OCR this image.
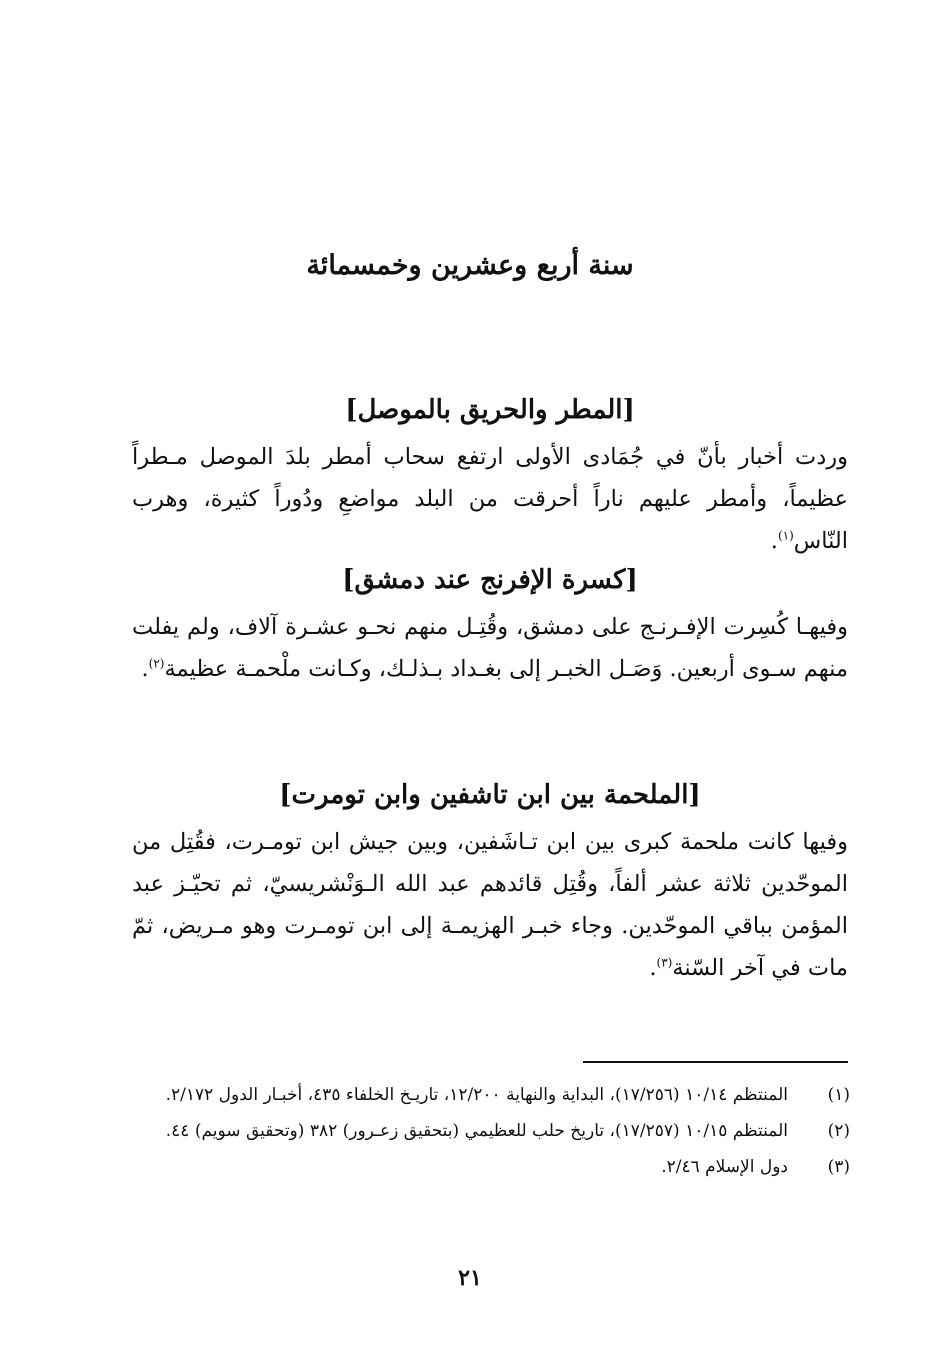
سنة أربع وعشرين وخمسمائة
[المطر والحريق بالموصل]

وردت أخبار بأنّ في جُمَادى الأولى ارتفع سحاب أمطر بلدَ الموصل مـطراً عظيماً، وأمطر عليهم ناراً أحرقت من البلد مواضعِ ودُوراً كثيرة، وهرب النّاس$^{(١)}$.

[كسرة الإفرنج عند دمشق]

وفيهـا كُسِرت الإفـرنـج على دمشق، وقُتِـل منهم نحـو عشـرة آلاف، ولم يفلت منهم سـوى أربعين. وَصَـل الخبـر إلى بغـداد بـذلـك، وكـانت ملْحمـة عظيمة$^{(٢)}$.

[الملحمة بين ابن تاشفين وابن تومرت]

وفيها كانت ملحمة كبرى بين ابن تـاشَفين، وبين جيش ابن تومـرت، فقُتِل من الموحّدين ثلاثة عشر ألفاً، وقُتِل قائدهم عبد الله الـوَنْشريسيّ، ثم تحيّـز عبد المؤمن بباقي الموحّدين. وجاء خبـر الهزيمـة إلى ابن تومـرت وهو مـريض، ثمّ مات في آخر السّنة$^{(٣)}$.

(١)
المنتظم ١٠/١٤ (١٧/٢٥٦)، البداية والنهاية ١٢/٢٠٠، تاريـخ الخلفاء ٤٣٥، أخبـار الدول ٢/١٧٢.
(٢)
المنتظم ١٠/١٥ (١٧/٢٥٧)، تاريخ حلب للعظيمي (بتحقيق زعـرور) ٣٨٢ (وتحقيق سويم) ٤٤.
(٣)
دول الإسلام ٢/٤٦.
٢١
